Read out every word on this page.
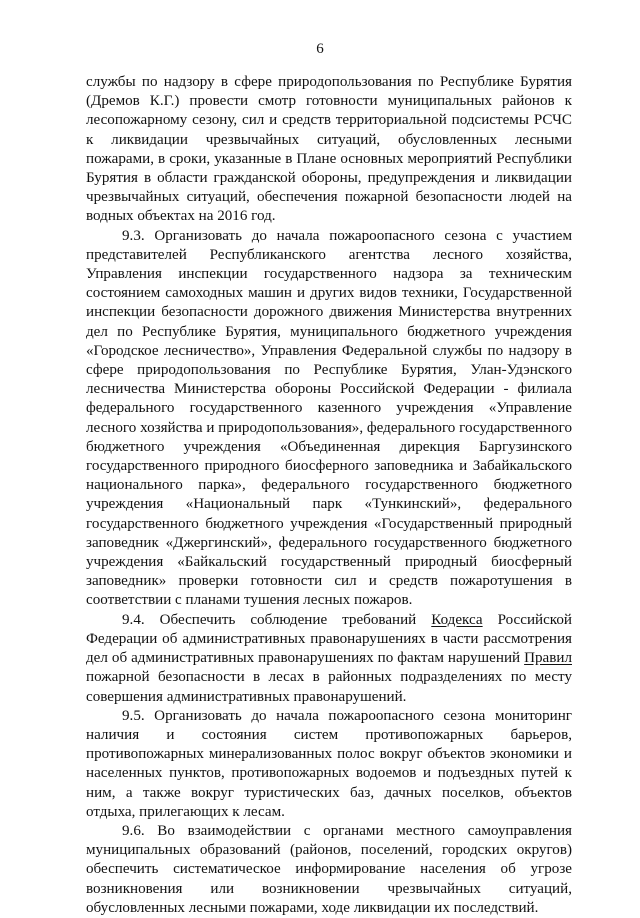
6

службы по надзору в сфере природопользования по Республике Бурятия (Дремов К.Г.) провести смотр готовности муниципальных районов к лесопожарному сезону, сил и средств территориальной подсистемы РСЧС к ликвидации чрезвычайных ситуаций, обусловленных лесными пожарами, в сроки, указанные в Плане основных мероприятий Республики Бурятия в области гражданской обороны, предупреждения и ликвидации чрезвычайных ситуаций, обеспечения пожарной безопасности людей на водных объектах на 2016 год.

9.3. Организовать до начала пожароопасного сезона с участием представителей Республиканского агентства лесного хозяйства, Управления инспекции государственного надзора за техническим состоянием самоходных машин и других видов техники, Государственной инспекции безопасности дорожного движения Министерства внутренних дел по Республике Бурятия, муниципального бюджетного учреждения «Городское лесничество», Управления Федеральной службы по надзору в сфере природопользования по Республике Бурятия, Улан-Удэнского лесничества Министерства обороны Российской Федерации - филиала федерального государственного казенного учреждения «Управление лесного хозяйства и природопользования», федерального государственного бюджетного учреждения «Объединенная дирекция Баргузинского государственного природного биосферного заповедника и Забайкальского национального парка», федерального государственного бюджетного учреждения «Национальный парк «Тункинский», федерального государственного бюджетного учреждения «Государственный природный заповедник «Джергинский», федерального государственного бюджетного учреждения «Байкальский государственный природный биосферный заповедник» проверки готовности сил и средств пожаротушения в соответствии с планами тушения лесных пожаров.

9.4. Обеспечить соблюдение требований Кодекса Российской Федерации об административных правонарушениях в части рассмотрения дел об административных правонарушениях по фактам нарушений Правил пожарной безопасности в лесах в районных подразделениях по месту совершения административных правонарушений.

9.5. Организовать до начала пожароопасного сезона мониторинг наличия и состояния систем противопожарных барьеров, противопожарных минерализованных полос вокруг объектов экономики и населенных пунктов, противопожарных водоемов и подъездных путей к ним, а также вокруг туристических баз, дачных поселков, объектов отдыха, прилегающих к лесам.

9.6. Во взаимодействии с органами местного самоуправления муниципальных образований (районов, поселений, городских округов) обеспечить систематическое информирование населения об угрозе возникновения или возникновении чрезвычайных ситуаций, обусловленных лесными пожарами, ходе ликвидации их последствий.
